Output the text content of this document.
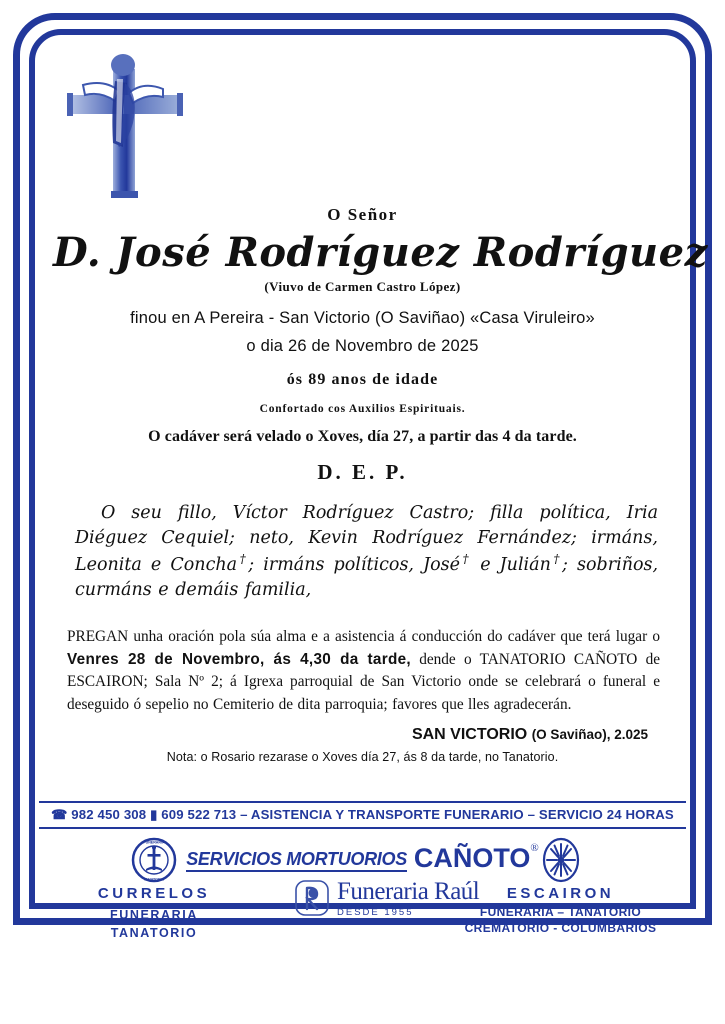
O Señor
D. José Rodríguez Rodríguez
(Viuvo de Carmen Castro López)
finou en A Pereira - San Victorio (O Saviñao) «Casa Viruleiro»
o dia 26 de Novembro de 2025
ós 89 anos de idade
Confortado cos Auxilios Espirituais.
O cadáver será velado o Xoves, día 27, a partir das 4 da tarde.
D. E. P.

O seu fillo, Víctor Rodríguez Castro; filla política, Iria Diéguez Cequiel; neto, Kevin Rodríguez Fernández; irmáns, Leonita e Concha†; irmáns políticos, José† e Julián†; sobriños, curmáns e demáis familia,

PREGAN unha oración pola súa alma e a asistencia á conducción do cadáver que terá lugar o Venres 28 de Novembro, ás 4,30 da tarde, dende o TANATORIO CAÑOTO de ESCAIRON; Sala Nº 2; á Igrexa parroquial de San Victorio onde se celebrará o funeral e deseguido ó sepelio no Cemiterio de dita parroquia; favores que lles agradecerán.

SAN VICTORIO (O Saviñao), 2.025
Nota: o Rosario rezarase o Xoves día 27, ás 8 da tarde, no Tanatorio.
☎ 982 450 308 ▮ 609 522 713 – ASISTENCIA Y TRANSPORTE FUNERARIO – SERVICIO 24 HORAS
SERVICIOS MORTUORIOS CAÑOTO®
FUNERARIA
TANATORIO
CURRELOS
FUNERARIA
TANATORIO
Funeraria Raúl
DESDE 1955
ESCAIRON
FUNERARIA – TANATORIO
CREMATORIO - COLUMBARIOS
